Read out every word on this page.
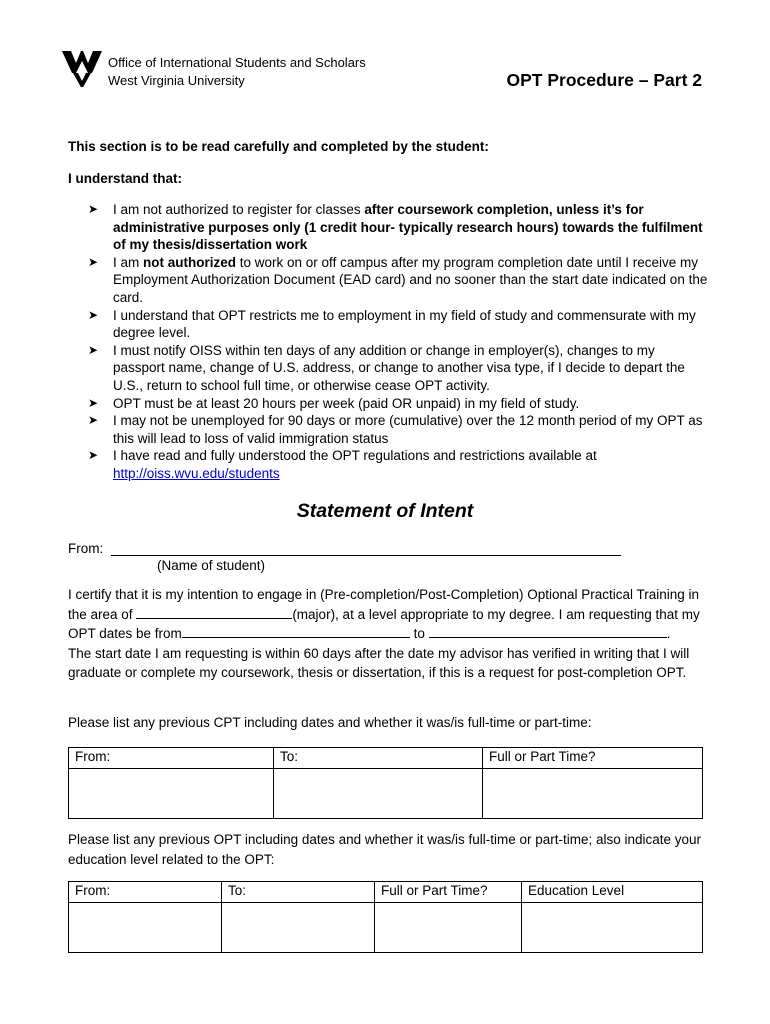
Office of International Students and Scholars
West Virginia University	OPT Procedure – Part 2
This section is to be read carefully and completed by the student:
I understand that:
➤ I am not authorized to register for classes after coursework completion, unless it’s for administrative purposes only (1 credit hour- typically research hours) towards the fulfilment of my thesis/dissertation work
➤ I am not authorized to work on or off campus after my program completion date until I receive my Employment Authorization Document (EAD card) and no sooner than the start date indicated on the card.
➤ I understand that OPT restricts me to employment in my field of study and commensurate with my degree level.
➤ I must notify OISS within ten days of any addition or change in employer(s), changes to my passport name, change of U.S. address, or change to another visa type, if I decide to depart the U.S., return to school full time, or otherwise cease OPT activity.
➤ OPT must be at least 20 hours per week (paid OR unpaid) in my field of study.
➤ I may not be unemployed for 90 days or more (cumulative) over the 12 month period of my OPT as this will lead to loss of valid immigration status
➤ I have read and fully understood the OPT regulations and restrictions available at
http://oiss.wvu.edu/students
Statement of Intent
From:
(Name of student)
I certify that it is my intention to engage in (Pre-completion/Post-Completion) Optional Practical Training in the area of	(major), at a level appropriate to my degree. I am requesting that my OPT dates be from	to	.
The start date I am requesting is within 60 days after the date my advisor has verified in writing that I will graduate or complete my coursework, thesis or dissertation, if this is a request for post-completion OPT.
Please list any previous CPT including dates and whether it was/is full-time or part-time:
From:	To:	Full or Part Time?

Please list any previous OPT including dates and whether it was/is full-time or part-time; also indicate your education level related to the OPT:
From:	To:	Full or Part Time?	Education Level
